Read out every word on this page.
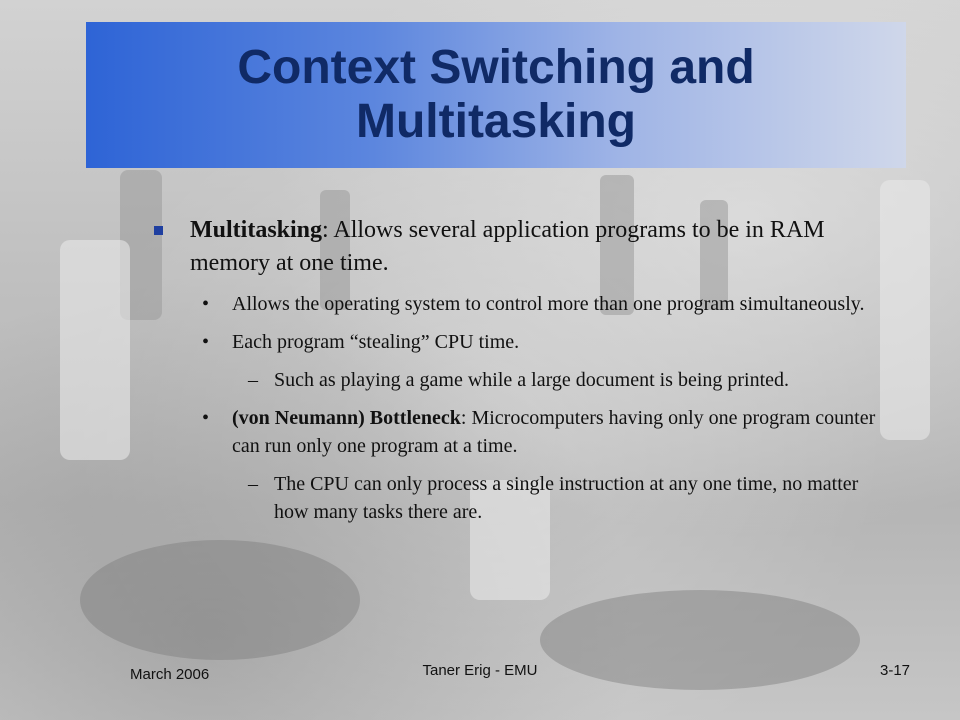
Context Switching and
Multitasking
Multitasking: Allows several application programs to be in RAM memory at one time.
• Allows the operating system to control more than one program simultaneously.
• Each program “stealing” CPU time.
– Such as playing a game while a large document is being printed.
• (von Neumann) Bottleneck: Microcomputers having only one program counter can run only one program at a time.
– The CPU can only process a single instruction at any one time, no matter how many tasks there are.
March 2006	Taner Erig - EMU	3-17
